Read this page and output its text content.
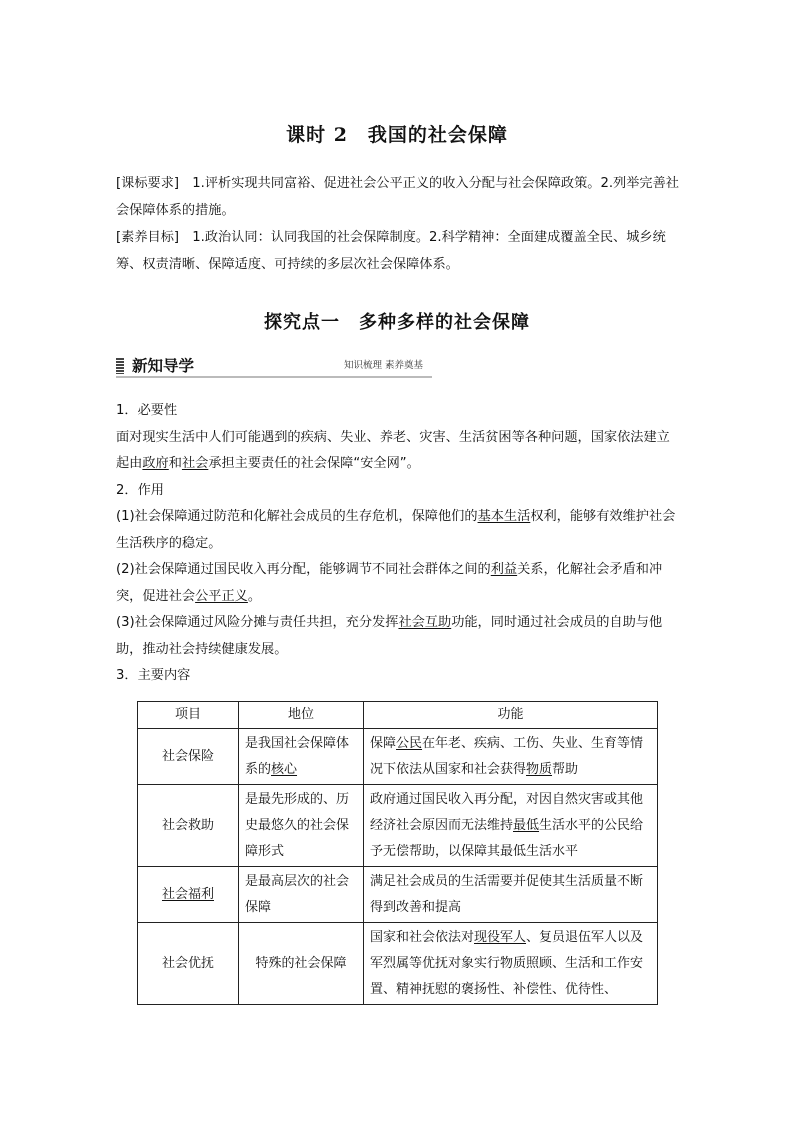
课时 2　我国的社会保障

[课标要求]　 1.评析实现共同富裕、促进社会公平正义的收入分配与社会保障政策。2.列举完善社会保障体系的措施。

[素养目标]　 1.政治认同：认同我国的社会保障制度。2.科学精神：全面建成覆盖全民、城乡统筹、权责清晰、保障适度、可持续的多层次社会保障体系。

探究点一　多种多样的社会保障
新知导学	知识梳理 素养奠基

1．必要性

面对现实生活中人们可能遇到的疾病、失业、养老、灾害、生活贫困等各种问题，国家依法建立起由政府和社会承担主要责任的社会保障“安全网”。

2．作用

(1)社会保障通过防范和化解社会成员的生存危机，保障他们的基本生活权利，能够有效维护社会生活秩序的稳定。

(2)社会保障通过国民收入再分配，能够调节不同社会群体之间的利益关系，化解社会矛盾和冲突，促进社会公平正义。

(3)社会保障通过风险分摊与责任共担，充分发挥社会互助功能，同时通过社会成员的自助与他助，推动社会持续健康发展。

3．主要内容

项目	地位	功能
社会保险	是我国社会保障体系的核心	保障公民在年老、疾病、工伤、失业、生育等情况下依法从国家和社会获得物质帮助
社会救助	是最先形成的、历史最悠久的社会保障形式	政府通过国民收入再分配，对因自然灾害或其他经济社会原因而无法维持最低生活水平的公民给予无偿帮助，以保障其最低生活水平
社会福利	是最高层次的社会保障	满足社会成员的生活需要并促使其生活质量不断得到改善和提高
社会优抚	特殊的社会保障	国家和社会依法对现役军人、复员退伍军人以及军烈属等优抚对象实行物质照顾、生活和工作安置、精神抚慰的褒扬性、补偿性、优待性、
